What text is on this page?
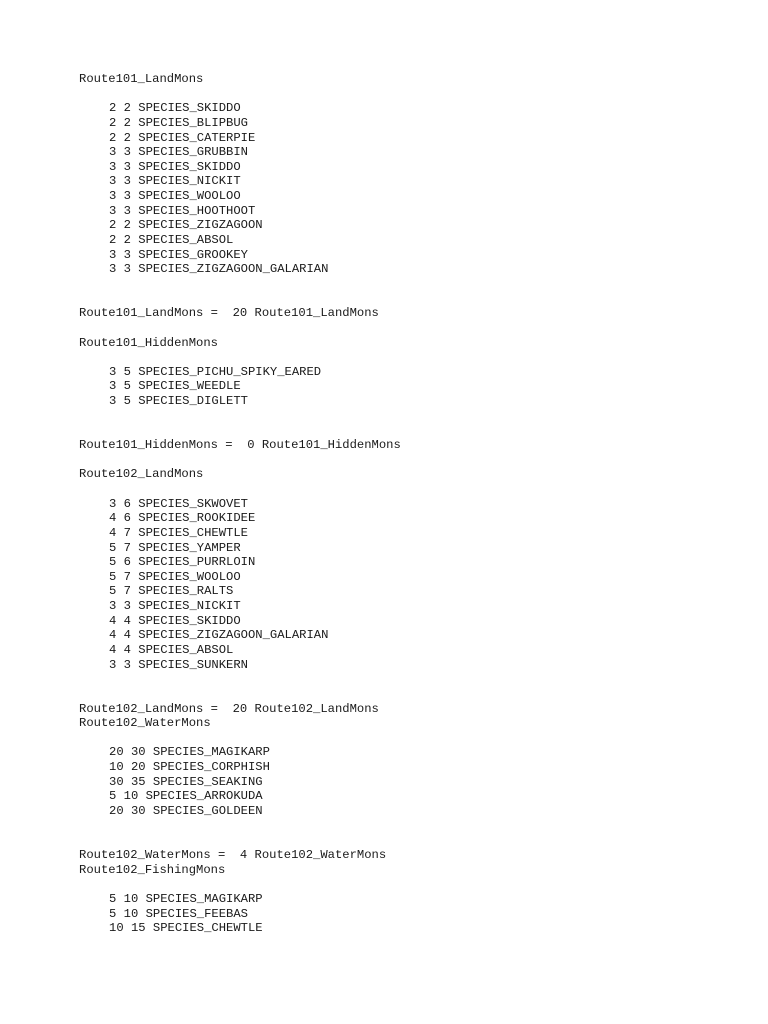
Route101_LandMons
2 2 SPECIES_SKIDDO
2 2 SPECIES_BLIPBUG
2 2 SPECIES_CATERPIE
3 3 SPECIES_GRUBBIN
3 3 SPECIES_SKIDDO
3 3 SPECIES_NICKIT
3 3 SPECIES_WOOLOO
3 3 SPECIES_HOOTHOOT
2 2 SPECIES_ZIGZAGOON
2 2 SPECIES_ABSOL
3 3 SPECIES_GROOKEY
3 3 SPECIES_ZIGZAGOON_GALARIAN
Route101_LandMons =  20 Route101_LandMons
Route101_HiddenMons
3 5 SPECIES_PICHU_SPIKY_EARED
3 5 SPECIES_WEEDLE
3 5 SPECIES_DIGLETT
Route101_HiddenMons =  0 Route101_HiddenMons
Route102_LandMons
3 6 SPECIES_SKWOVET
4 6 SPECIES_ROOKIDEE
4 7 SPECIES_CHEWTLE
5 7 SPECIES_YAMPER
5 6 SPECIES_PURRLOIN
5 7 SPECIES_WOOLOO
5 7 SPECIES_RALTS
3 3 SPECIES_NICKIT
4 4 SPECIES_SKIDDO
4 4 SPECIES_ZIGZAGOON_GALARIAN
4 4 SPECIES_ABSOL
3 3 SPECIES_SUNKERN
Route102_LandMons =  20 Route102_LandMons
Route102_WaterMons
20 30 SPECIES_MAGIKARP
10 20 SPECIES_CORPHISH
30 35 SPECIES_SEAKING
5 10 SPECIES_ARROKUDA
20 30 SPECIES_GOLDEEN
Route102_WaterMons =  4 Route102_WaterMons
Route102_FishingMons
5 10 SPECIES_MAGIKARP
5 10 SPECIES_FEEBAS
10 15 SPECIES_CHEWTLE
